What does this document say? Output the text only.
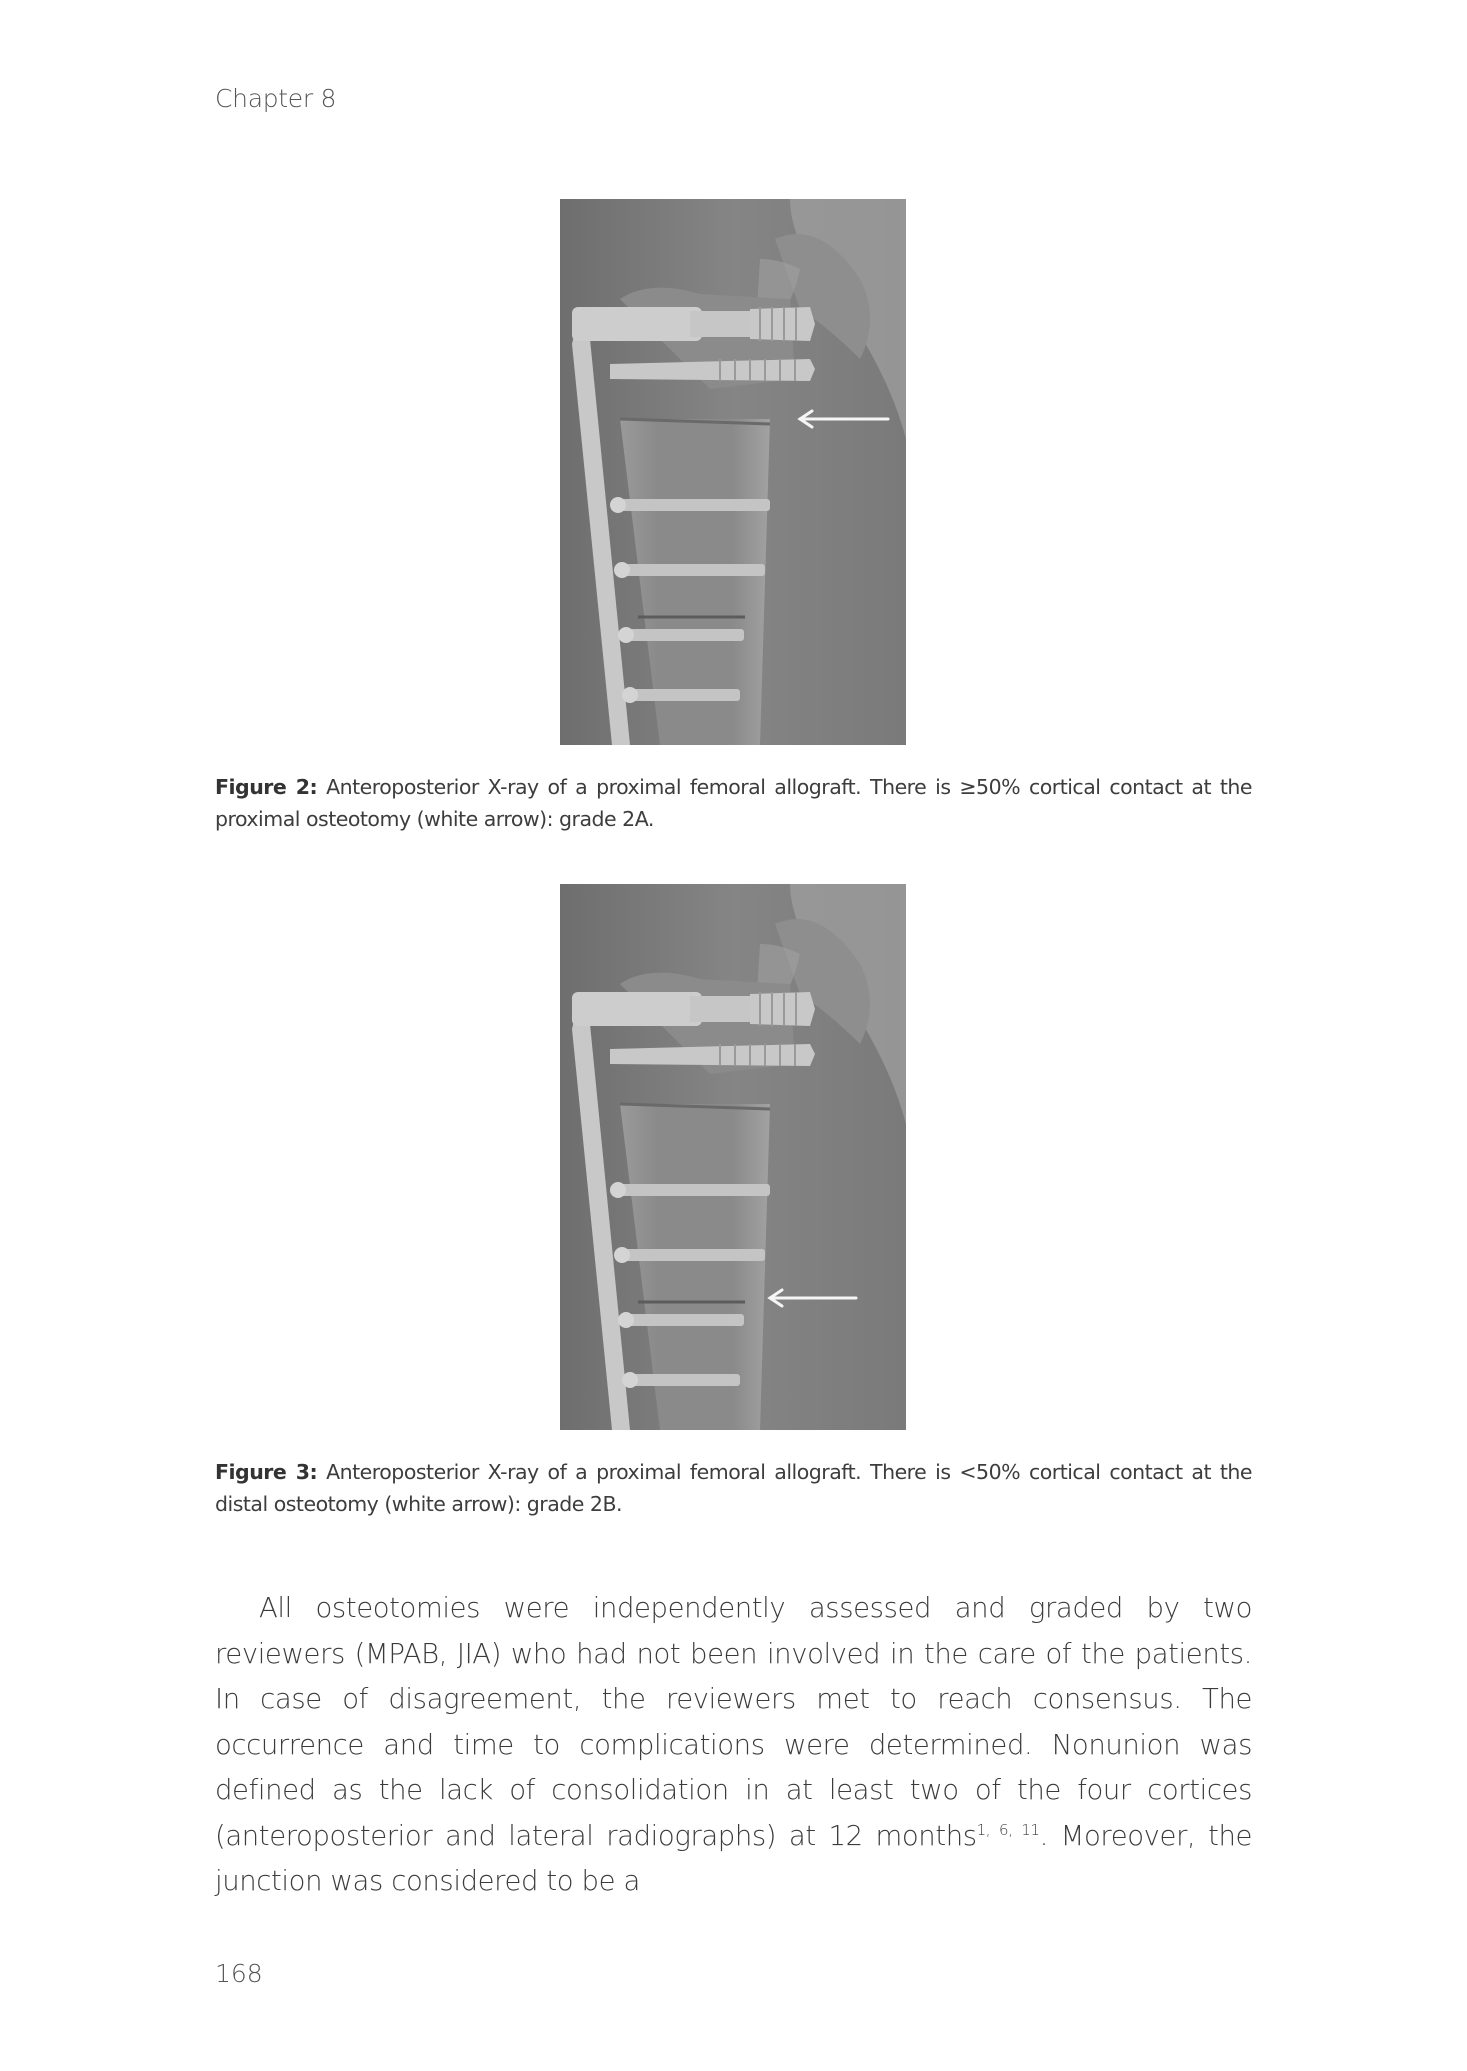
Chapter 8
Figure 2: Anteroposterior X-ray of a proximal femoral allograft. There is ≥50% cortical contact at the proximal osteotomy (white arrow): grade 2A.
Figure 3: Anteroposterior X-ray of a proximal femoral allograft. There is <50% cortical contact at the distal osteotomy (white arrow): grade 2B.

All osteotomies were independently assessed and graded by two reviewers (MPAB, JIA) who had not been involved in the care of the patients. In case of disagreement, the reviewers met to reach consensus. The occurrence and time to complications were determined. Nonunion was defined as the lack of consolidation in at least two of the four cortices (anteroposterior and lateral radiographs) at 12 months$^{1, 6, 11}$. Moreover, the junction was considered to be a

168
